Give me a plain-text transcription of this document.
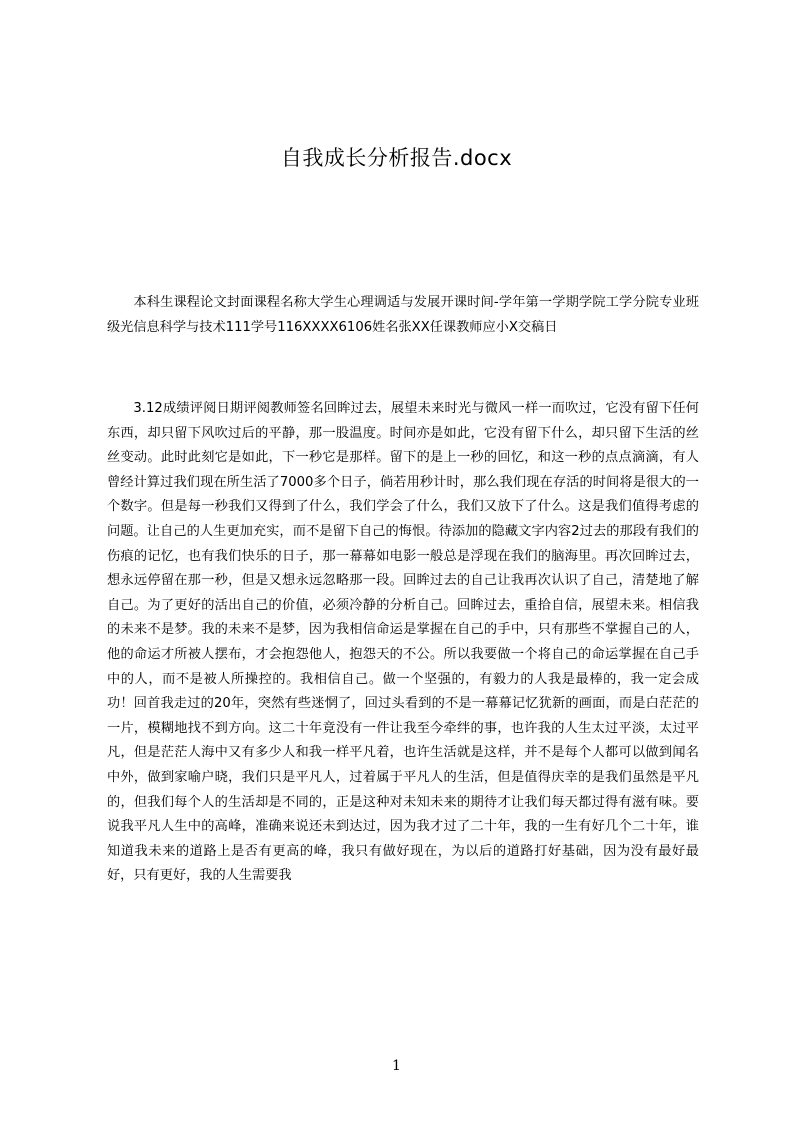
自我成长分析报告.docx

本科生课程论文封面课程名称大学生心理调适与发展开课时间-学年第一学期学院工学分院专业班级光信息科学与技术111学号116XXXX6106姓名张XX任课教师应小X交稿日

3.12成绩评阅日期评阅教师签名回眸过去，展望未来时光与微风一样一而吹过，它没有留下任何东西，却只留下风吹过后的平静，那一股温度。时间亦是如此，它没有留下什么，却只留下生活的丝丝变动。此时此刻它是如此，下一秒它是那样。留下的是上一秒的回忆，和这一秒的点点滴滴，有人曾经计算过我们现在所生活了7000多个日子，倘若用秒计时，那么我们现在存活的时间将是很大的一个数字。但是每一秒我们又得到了什么，我们学会了什么，我们又放下了什么。这是我们值得考虑的问题。让自己的人生更加充实，而不是留下自己的悔恨。待添加的隐藏文字内容2过去的那段有我们的伤痕的记忆，也有我们快乐的日子，那一幕幕如电影一般总是浮现在我们的脑海里。再次回眸过去，想永远停留在那一秒，但是又想永远忽略那一段。回眸过去的自己让我再次认识了自己，清楚地了解自己。为了更好的活出自己的价值，必须冷静的分析自己。回眸过去，重拾自信，展望未来。相信我的未来不是梦。我的未来不是梦，因为我相信命运是掌握在自己的手中，只有那些不掌握自己的人，他的命运才所被人摆布，才会抱怨他人，抱怨天的不公。所以我要做一个将自己的命运掌握在自己手中的人，而不是被人所操控的。我相信自己。做一个坚强的，有毅力的人我是最棒的，我一定会成功！回首我走过的20年，突然有些迷惘了，回过头看到的不是一幕幕记忆犹新的画面，而是白茫茫的一片，模糊地找不到方向。这二十年竟没有一件让我至今牵绊的事，也许我的人生太过平淡，太过平凡，但是茫茫人海中又有多少人和我一样平凡着，也许生活就是这样，并不是每个人都可以做到闻名中外，做到家喻户晓，我们只是平凡人，过着属于平凡人的生活，但是值得庆幸的是我们虽然是平凡的，但我们每个人的生活却是不同的，正是这种对未知未来的期待才让我们每天都过得有滋有味。要说我平凡人生中的高峰，准确来说还未到达过，因为我才过了二十年，我的一生有好几个二十年，谁知道我未来的道路上是否有更高的峰，我只有做好现在，为以后的道路打好基础，因为没有最好最好，只有更好，我的人生需要我

1
